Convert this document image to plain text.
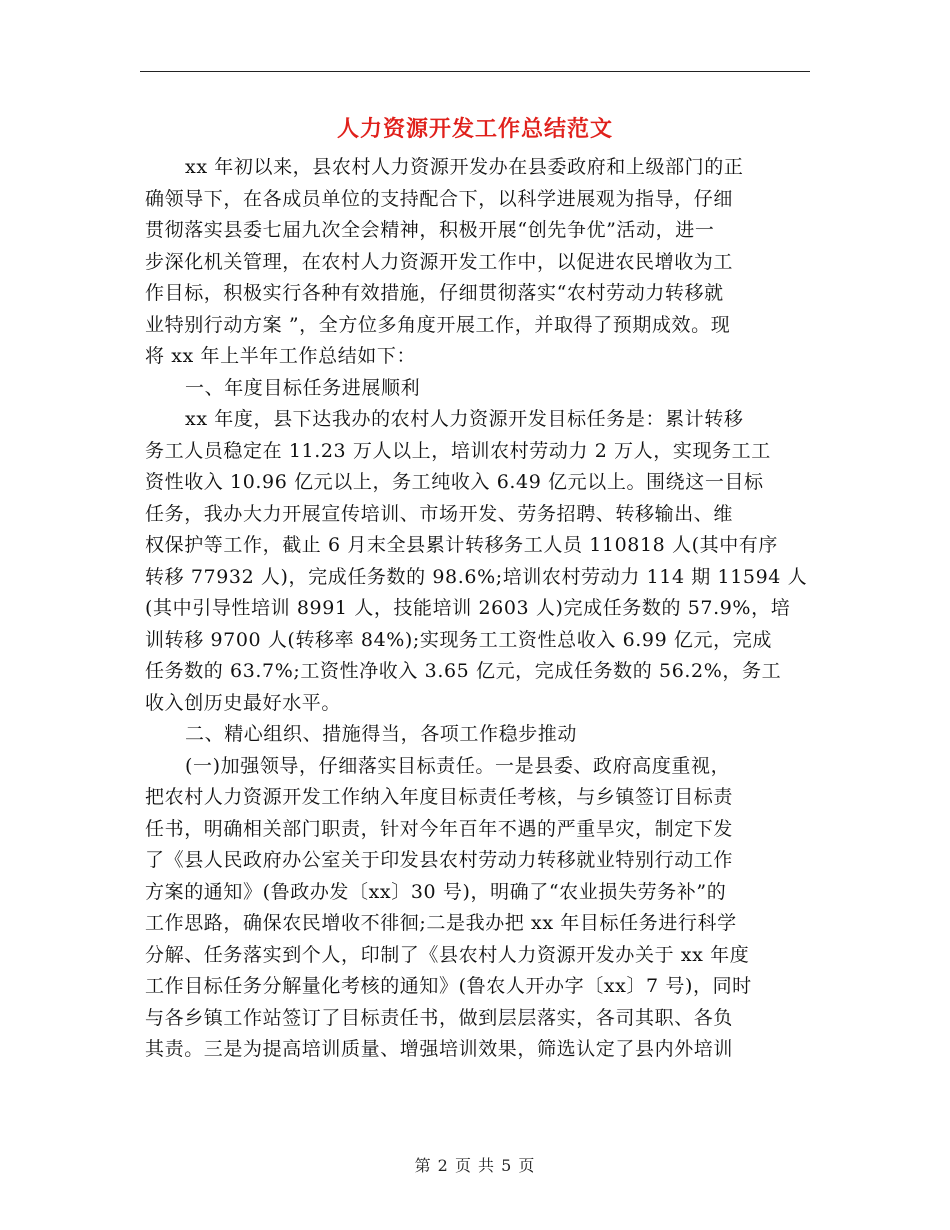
人力资源开发工作总结范文
xx 年初以来，县农村人力资源开发办在县委政府和上级部门的正
确领导下，在各成员单位的支持配合下，以科学进展观为指导，仔细
贯彻落实县委七届九次全会精神，积极开展“创先争优”活动，进一
步深化机关管理，在农村人力资源开发工作中，以促进农民增收为工
作目标，积极实行各种有效措施，仔细贯彻落实“农村劳动力转移就
业特别行动方案 ”，全方位多角度开展工作，并取得了预期成效。现
将 xx 年上半年工作总结如下：
一、年度目标任务进展顺利
xx 年度，县下达我办的农村人力资源开发目标任务是：累计转移
务工人员稳定在 11.23 万人以上，培训农村劳动力 2 万人，实现务工工
资性收入 10.96 亿元以上，务工纯收入 6.49 亿元以上。围绕这一目标
任务，我办大力开展宣传培训、市场开发、劳务招聘、转移输出、维
权保护等工作，截止 6 月末全县累计转移务工人员 110818 人(其中有序
转移 77932 人)，完成任务数的 98.6%;培训农村劳动力 114 期 11594 人
(其中引导性培训 8991 人，技能培训 2603 人)完成任务数的 57.9%，培
训转移 9700 人(转移率 84%);实现务工工资性总收入 6.99 亿元，完成
任务数的 63.7%;工资性净收入 3.65 亿元，完成任务数的 56.2%，务工
收入创历史最好水平。
二、精心组织、措施得当，各项工作稳步推动
(一)加强领导，仔细落实目标责任。一是县委、政府高度重视，
把农村人力资源开发工作纳入年度目标责任考核，与乡镇签订目标责
任书，明确相关部门职责，针对今年百年不遇的严重旱灾，制定下发
了《县人民政府办公室关于印发县农村劳动力转移就业特别行动工作
方案的通知》(鲁政办发〔xx〕30 号)，明确了“农业损失劳务补”的
工作思路，确保农民增收不徘徊;二是我办把 xx 年目标任务进行科学
分解、任务落实到个人，印制了《县农村人力资源开发办关于 xx 年度
工作目标任务分解量化考核的通知》(鲁农人开办字〔xx〕7 号)，同时
与各乡镇工作站签订了目标责任书，做到层层落实，各司其职、各负
其责。三是为提高培训质量、增强培训效果，筛选认定了县内外培训
第 2 页 共 5 页
